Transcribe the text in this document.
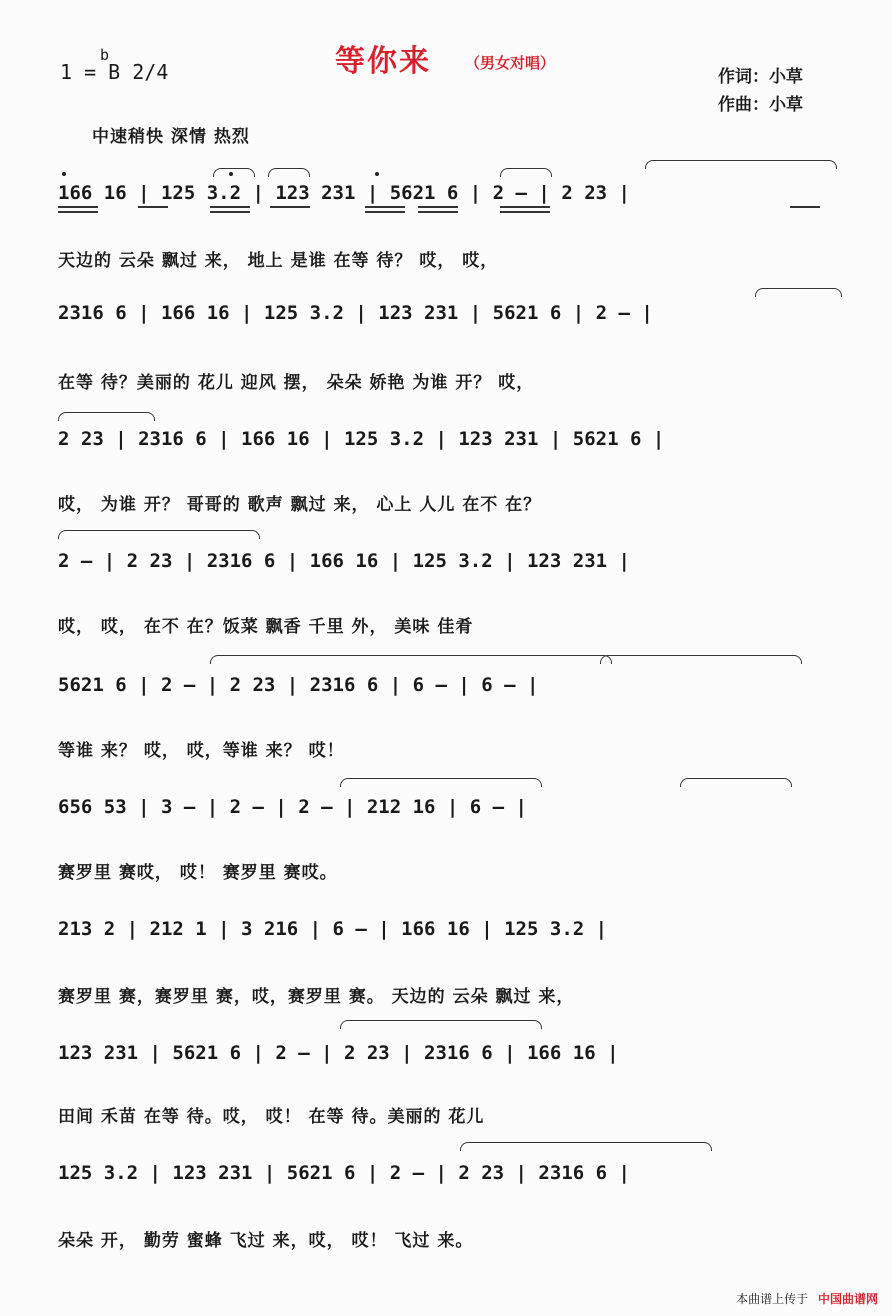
1 = B 2/4
b	等你来 （男女对唱）
作词：小草
作曲：小草
中速稍快 深情 热烈
166 16 | 125 3.2 | 123 231 | 5621 6 | 2 — | 2 23 |
天边的 云朵 飘过 来， 地上 是谁 在等 待？ 哎， 哎，
2316 6 | 166 16 | 125 3.2 | 123 231 | 5621 6 | 2 — |
在等 待？美丽的 花儿 迎风 摆， 朵朵 娇艳 为谁 开？ 哎，
2 23 | 2316 6 | 166 16 | 125 3.2 | 123 231 | 5621 6 |
哎， 为谁 开？ 哥哥的 歌声 飘过 来， 心上 人儿 在不 在？
2 — | 2 23 | 2316 6 | 166 16 | 125 3.2 | 123 231 |
哎， 哎， 在不 在？饭菜 飘香 千里 外， 美味 佳肴
5621 6 | 2 — | 2 23 | 2316 6 | 6 — | 6 — |
等谁 来？ 哎， 哎，等谁 来？ 哎！
656 53 | 3 — | 2 — | 2 — | 212 16 | 6 — |
赛罗里 赛哎， 哎！ 赛罗里 赛哎。
213 2 | 212 1 | 3 216 | 6 — | 166 16 | 125 3.2 |
赛罗里 赛，赛罗里 赛，哎，赛罗里 赛。 天边的 云朵 飘过 来，
123 231 | 5621 6 | 2 — | 2 23 | 2316 6 | 166 16 |
田间 禾苗 在等 待。哎， 哎！ 在等 待。美丽的 花儿
125 3.2 | 123 231 | 5621 6 | 2 — | 2 23 | 2316 6 |
朵朵 开， 勤劳 蜜蜂 飞过 来，哎， 哎！ 飞过 来。
本曲谱上传于 中国曲谱网
